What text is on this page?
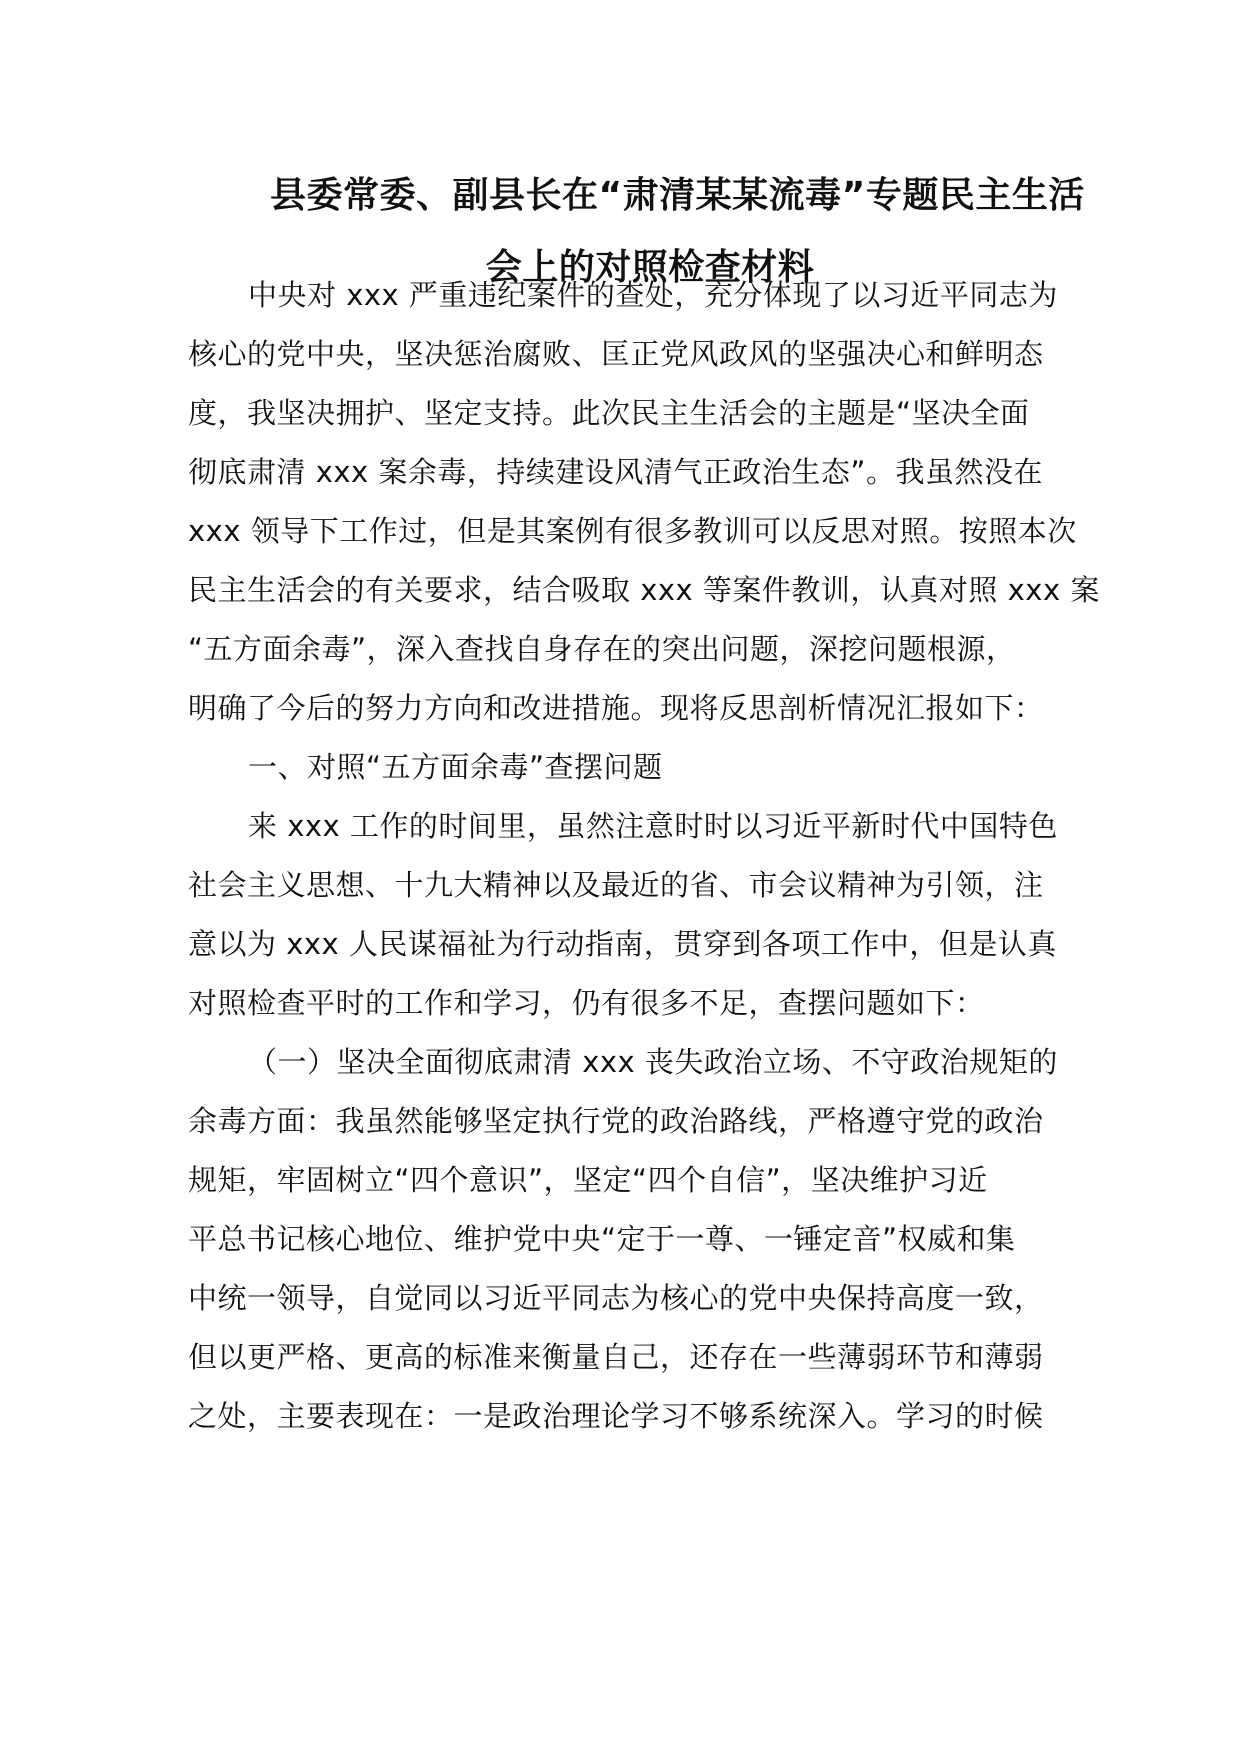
县委常委、副县长在“肃清某某流毒”专题民主生活
会上的对照检查材料

中央对 xxx 严重违纪案件的查处，充分体现了以习近平同志为

核心的党中央，坚决惩治腐败、匡正党风政风的坚强决心和鲜明态

度，我坚决拥护、坚定支持。此次民主生活会的主题是“坚决全面

彻底肃清 xxx 案余毒，持续建设风清气正政治生态”。我虽然没在

xxx 领导下工作过，但是其案例有很多教训可以反思对照。按照本次

民主生活会的有关要求，结合吸取 xxx 等案件教训，认真对照 xxx 案

“五方面余毒”，深入查找自身存在的突出问题，深挖问题根源，

明确了今后的努力方向和改进措施。现将反思剖析情况汇报如下：

一、对照“五方面余毒”查摆问题

来 xxx 工作的时间里，虽然注意时时以习近平新时代中国特色

社会主义思想、十九大精神以及最近的省、市会议精神为引领，注

意以为 xxx 人民谋福祉为行动指南，贯穿到各项工作中，但是认真

对照检查平时的工作和学习，仍有很多不足，查摆问题如下：

（一）坚决全面彻底肃清 xxx 丧失政治立场、不守政治规矩的

余毒方面：我虽然能够坚定执行党的政治路线，严格遵守党的政治

规矩，牢固树立“四个意识”，坚定“四个自信”，坚决维护习近

平总书记核心地位、维护党中央“定于一尊、一锤定音”权威和集

中统一领导，自觉同以习近平同志为核心的党中央保持高度一致，

但以更严格、更高的标准来衡量自己，还存在一些薄弱环节和薄弱

之处，主要表现在：一是政治理论学习不够系统深入。学习的时候
